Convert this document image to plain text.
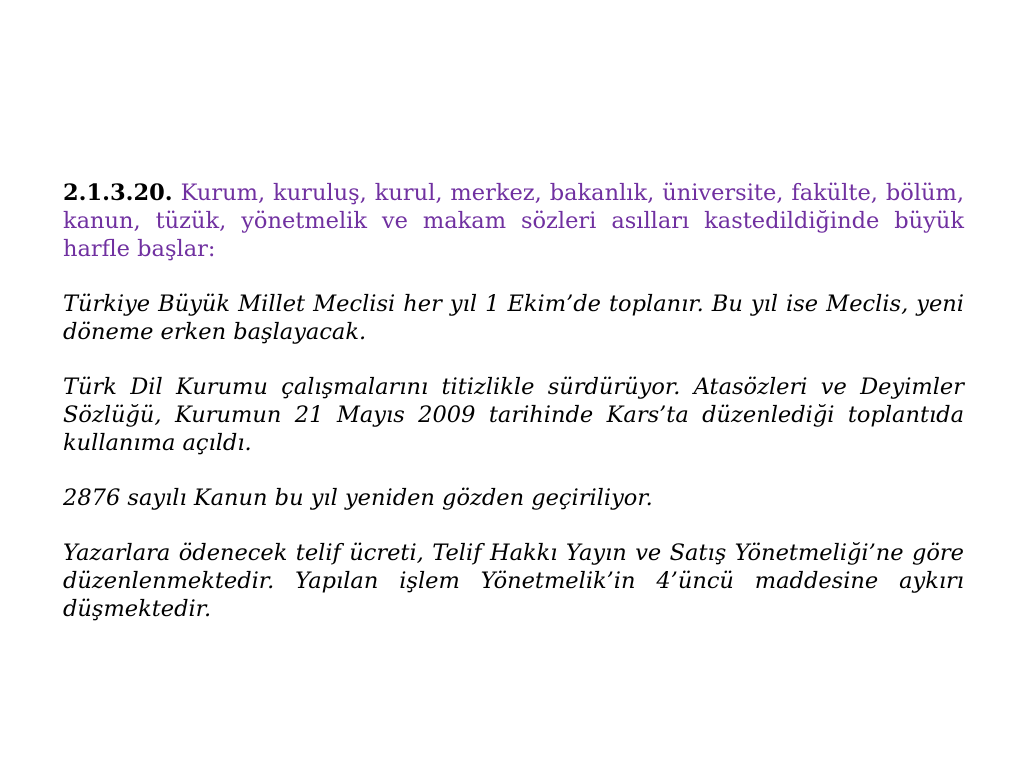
2.1.3.20. Kurum, kuruluş, kurul, merkez, bakanlık, üniversite, fakülte, bölüm, kanun, tüzük, yönetmelik ve makam sözleri asılları kastedildiğinde büyük harfle başlar:

Türkiye Büyük Millet Meclisi her yıl 1 Ekim’de toplanır. Bu yıl ise Meclis, yeni döneme erken başlayacak.

Türk Dil Kurumu çalışmalarını titizlikle sürdürüyor. Atasözleri ve Deyimler Sözlüğü, Kurumun 21 Mayıs 2009 tarihinde Kars’ta düzenlediği toplantıda kullanıma açıldı.

2876 sayılı Kanun bu yıl yeniden gözden geçiriliyor.

Yazarlara ödenecek telif ücreti, Telif Hakkı Yayın ve Satış Yönetmeliği’ne göre düzenlenmektedir. Yapılan işlem Yönetmelik’in 4’üncü maddesine aykırı düşmektedir.
